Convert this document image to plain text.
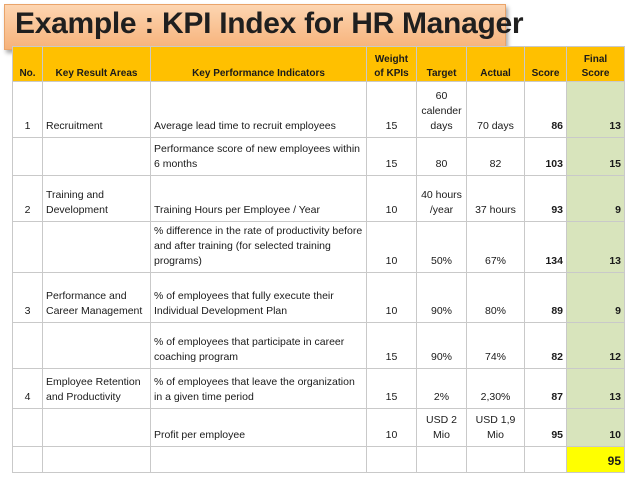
Example : KPI Index for HR Manager
No.	Key Result Areas	Key Performance Indicators	Weight of KPIs	Target	Actual	Score	Final Score
1	Recruitment	Average lead time to recruit employees	15	60 calender days	70 days	86	13
		Performance score of new employees within 6 months	15	80	82	103	15
2	Training and Development	Training Hours per Employee / Year	10	40 hours /year	37 hours	93	9
		% difference in the rate of productivity before and after training (for selected training programs)	10	50%	67%	134	13
3	Performance and Career Management	% of employees that fully execute their Individual Development Plan	10	90%	80%	89	9
		% of employees that participate in career coaching program	15	90%	74%	82	12
4	Employee Retention and Productivity	% of employees that leave the organization in a given time period	15	2%	2,30%	87	13
		Profit per employee	10	USD 2 Mio	USD 1,9 Mio	95	10
							95
